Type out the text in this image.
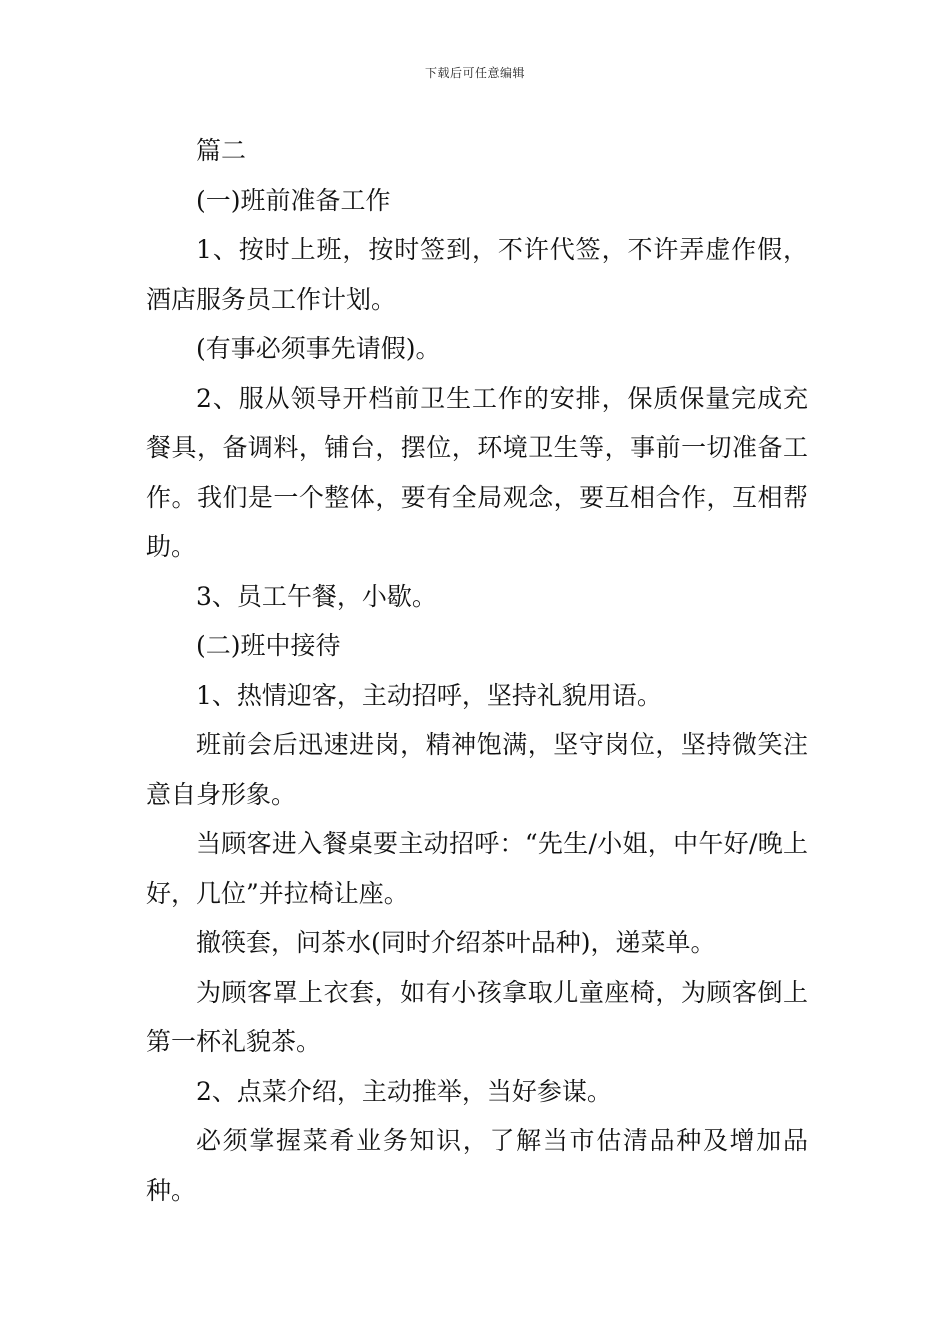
下载后可任意编辑

篇二

(一)班前准备工作

1、按时上班，按时签到，不许代签，不许弄虚作假，酒店服务员工作计划。

(有事必须事先请假)。

2、服从领导开档前卫生工作的安排，保质保量完成充餐具，备调料，铺台，摆位，环境卫生等，事前一切准备工作。我们是一个整体，要有全局观念，要互相合作，互相帮助。

3、员工午餐，小歇。

(二)班中接待

1、热情迎客，主动招呼，坚持礼貌用语。

班前会后迅速进岗，精神饱满，坚守岗位，坚持微笑注意自身形象。

当顾客进入餐桌要主动招呼：“先生/小姐，中午好/晚上好，几位”并拉椅让座。

撤筷套，问茶水(同时介绍茶叶品种)，递菜单。

为顾客罩上衣套，如有小孩拿取儿童座椅，为顾客倒上第一杯礼貌茶。

2、点菜介绍，主动推举，当好参谋。

必须掌握菜肴业务知识，了解当市估清品种及增加品种。
